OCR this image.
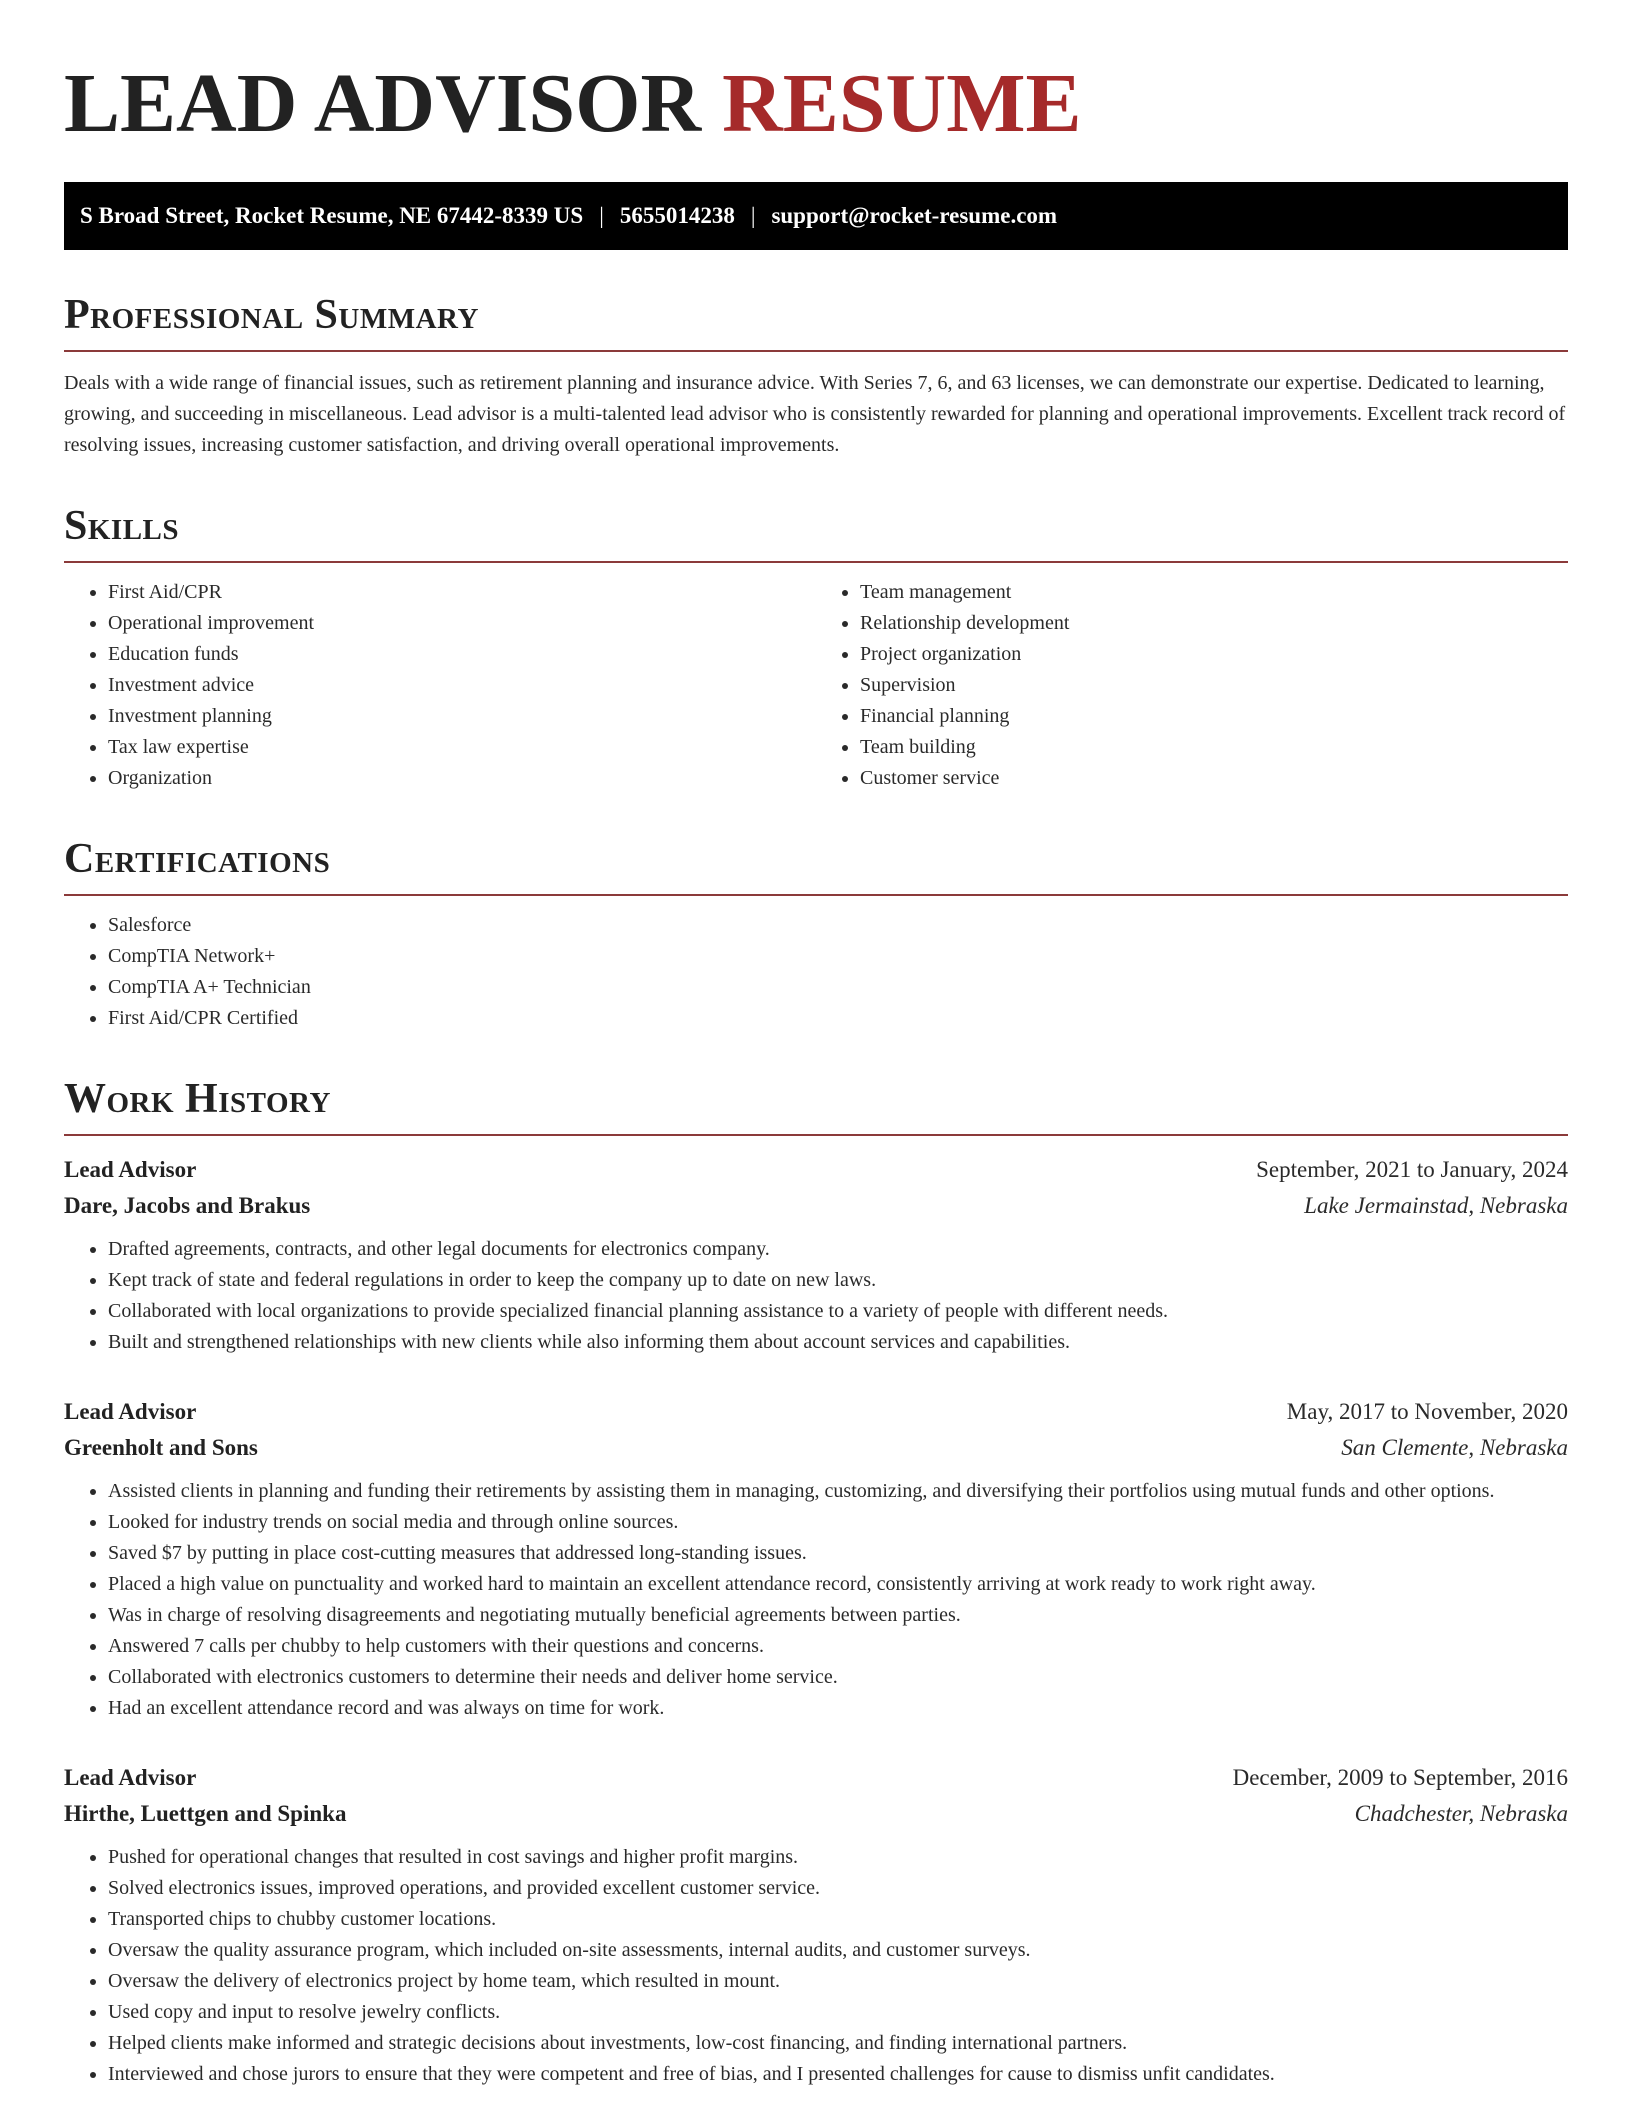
LEAD ADVISOR RESUME
S Broad Street, Rocket Resume, NE 67442-8339 US | 5655014238 | support@rocket-resume.com
Professional Summary

Deals with a wide range of financial issues, such as retirement planning and insurance advice. With Series 7, 6, and 63 licenses, we can demonstrate our expertise. Dedicated to learning, growing, and succeeding in miscellaneous. Lead advisor is a multi-talented lead advisor who is consistently rewarded for planning and operational improvements. Excellent track record of resolving issues, increasing customer satisfaction, and driving overall operational improvements.

Skills
• First Aid/CPR
• Operational improvement
• Education funds
• Investment advice
• Investment planning
• Tax law expertise
• Organization
• Team management
• Relationship development
• Project organization
• Supervision
• Financial planning
• Team building
• Customer service
Certifications
• Salesforce
• CompTIA Network+
• CompTIA A+ Technician
• First Aid/CPR Certified
Work History
Lead Advisor	September, 2021 to January, 2024
Dare, Jacobs and Brakus	Lake Jermainstad, Nebraska
• Drafted agreements, contracts, and other legal documents for electronics company.
• Kept track of state and federal regulations in order to keep the company up to date on new laws.
• Collaborated with local organizations to provide specialized financial planning assistance to a variety of people with different needs.
• Built and strengthened relationships with new clients while also informing them about account services and capabilities.
Lead Advisor	May, 2017 to November, 2020
Greenholt and Sons	San Clemente, Nebraska
• Assisted clients in planning and funding their retirements by assisting them in managing, customizing, and diversifying their portfolios using mutual funds and other options.
• Looked for industry trends on social media and through online sources.
• Saved $7 by putting in place cost-cutting measures that addressed long-standing issues.
• Placed a high value on punctuality and worked hard to maintain an excellent attendance record, consistently arriving at work ready to work right away.
• Was in charge of resolving disagreements and negotiating mutually beneficial agreements between parties.
• Answered 7 calls per chubby to help customers with their questions and concerns.
• Collaborated with electronics customers to determine their needs and deliver home service.
• Had an excellent attendance record and was always on time for work.
Lead Advisor	December, 2009 to September, 2016
Hirthe, Luettgen and Spinka	Chadchester, Nebraska
• Pushed for operational changes that resulted in cost savings and higher profit margins.
• Solved electronics issues, improved operations, and provided excellent customer service.
• Transported chips to chubby customer locations.
• Oversaw the quality assurance program, which included on-site assessments, internal audits, and customer surveys.
• Oversaw the delivery of electronics project by home team, which resulted in mount.
• Used copy and input to resolve jewelry conflicts.
• Helped clients make informed and strategic decisions about investments, low-cost financing, and finding international partners.
• Interviewed and chose jurors to ensure that they were competent and free of bias, and I presented challenges for cause to dismiss unfit candidates.
